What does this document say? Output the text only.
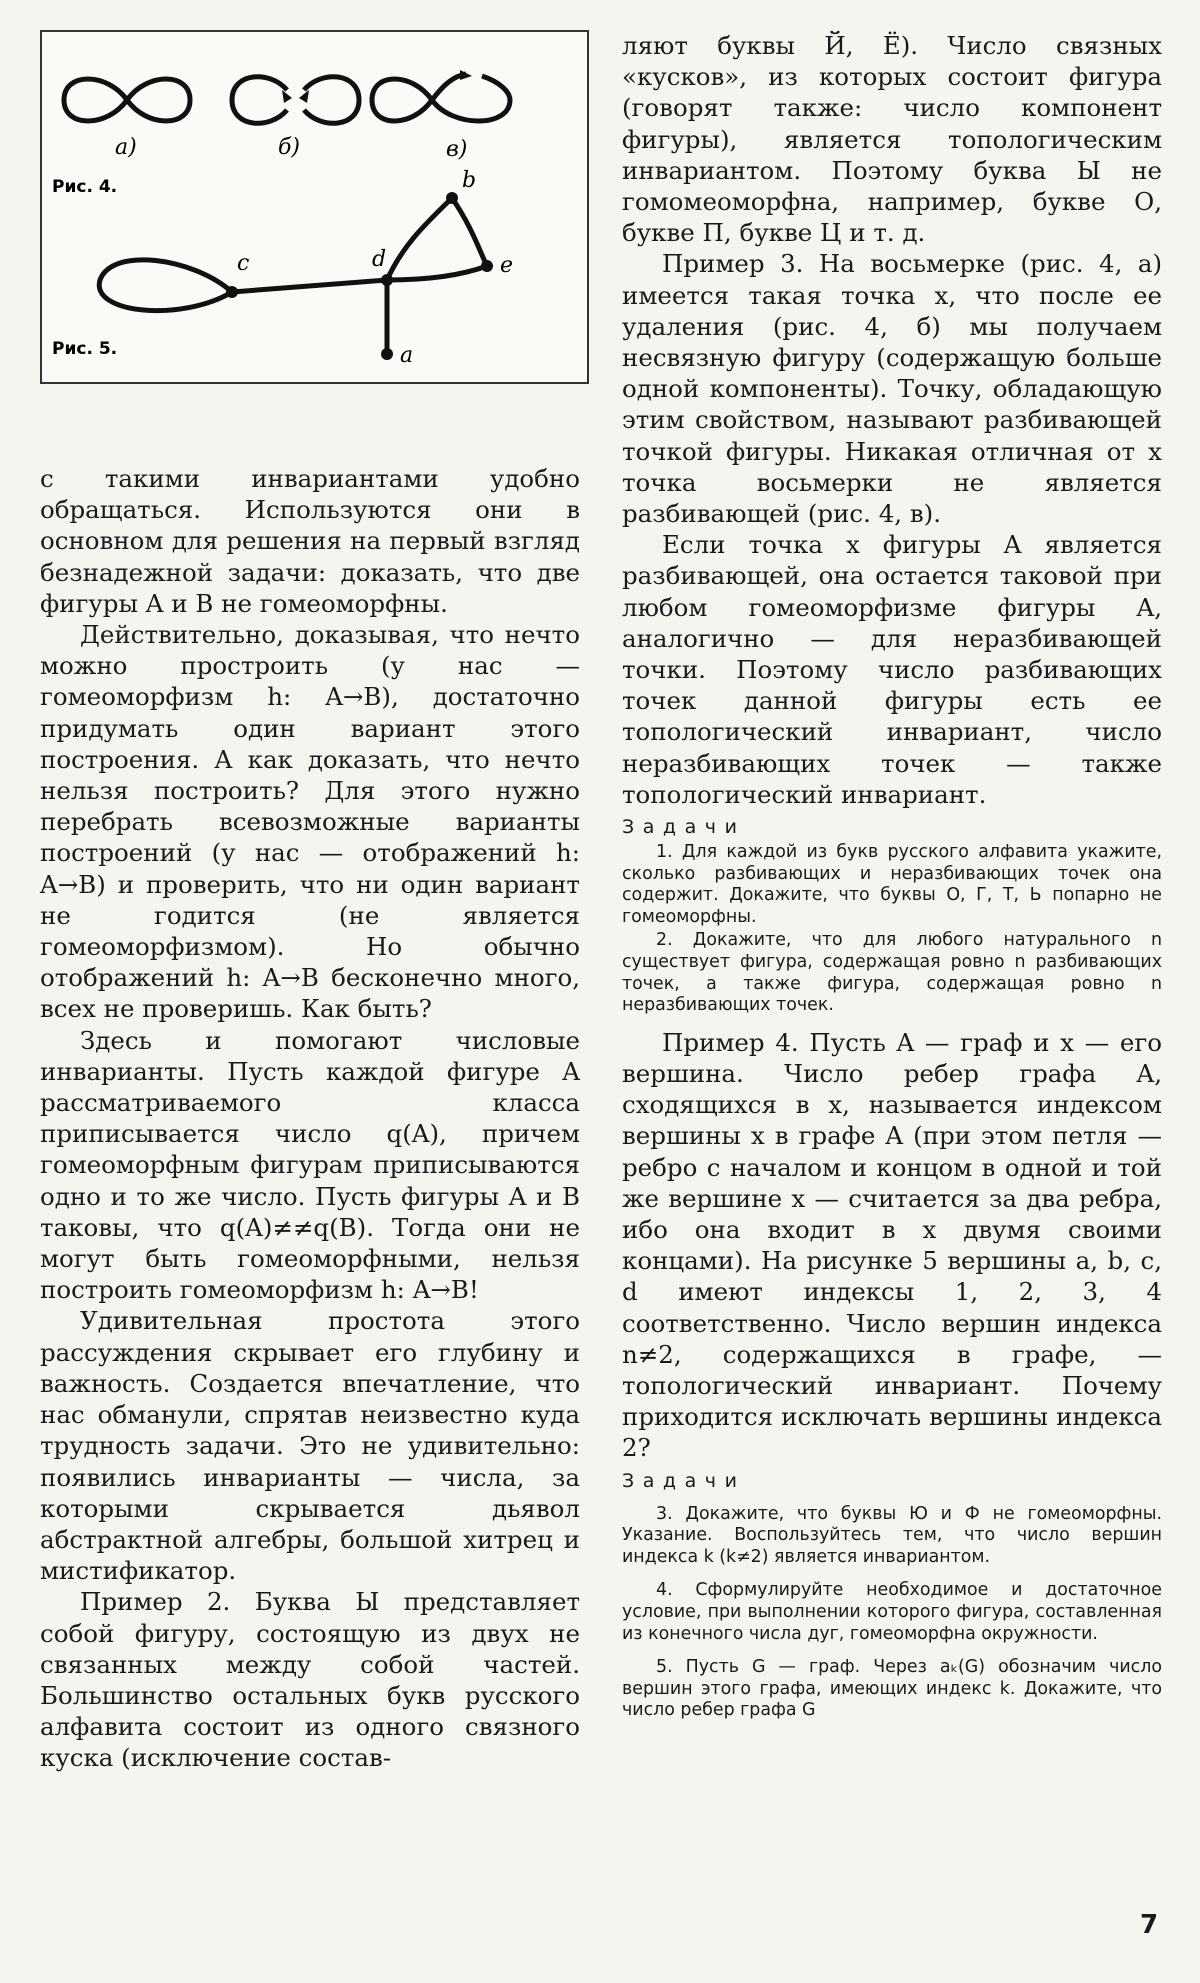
а)	б)	в)
Рис. 4.
a
b
c	d	e
Рис. 5.

с такими инвариантами удобно обращаться. Используются они в основном для решения на первый взгляд безнадежной задачи: доказать, что две фигуры A и B не гомеоморфны.

Действительно, доказывая, что нечто можно простроить (у нас — гомеоморфизм h: A→B), достаточно придумать один вариант этого построения. А как доказать, что нечто нельзя построить? Для этого нужно перебрать всевозможные варианты построений (у нас — отображений h: A→B) и проверить, что ни один вариант не годится (не является гомеоморфизмом). Но обычно отображений h: A→B бесконечно много, всех не проверишь. Как быть?

Здесь и помогают числовые инварианты. Пусть каждой фигуре A рассматриваемого класса приписывается число q(A), причем гомеоморфным фигурам приписываются одно и то же число. Пусть фигуры A и B таковы, что q(A)≠≠q(B). Тогда они не могут быть гомеоморфными, нельзя построить гомеоморфизм h: A→B!

Удивительная простота этого рассуждения скрывает его глубину и важность. Создается впечатление, что нас обманули, спрятав неизвестно куда трудность задачи. Это не удивительно: появились инварианты — числа, за которыми скрывается дьявол абстрактной алгебры, большой хитрец и мистификатор.

Пример 2. Буква Ы представляет собой фигуру, состоящую из двух не связанных между собой частей. Большинство остальных букв русского алфавита состоит из одного связного куска (исключение состав-

ляют буквы Й, Ё). Число связных «кусков», из которых состоит фигура (говорят также: число компонент фигуры), является топологическим инвариантом. Поэтому буква Ы не гомомеоморфна, например, букве О, букве П, букве Ц и т. д.

Пример 3. На восьмерке (рис. 4, а) имеется такая точка x, что после ее удаления (рис. 4, б) мы получаем несвязную фигуру (содержащую больше одной компоненты). Точку, обладающую этим свойством, называют разбивающей точкой фигуры. Никакая отличная от x точка восьмерки не является разбивающей (рис. 4, в).

Если точка x фигуры A является разбивающей, она остается таковой при любом гомеоморфизме фигуры A, аналогично — для неразбивающей точки. Поэтому число разбивающих точек данной фигуры есть ее топологический инвариант, число неразбивающих точек — также топологический инвариант.

Задачи

1. Для каждой из букв русского алфавита укажите, сколько разбивающих и неразбивающих точек она содержит. Докажите, что буквы О, Г, Т, Ь попарно не гомеоморфны.

2. Докажите, что для любого натурального n существует фигура, содержащая ровно n разбивающих точек, а также фигура, содержащая ровно n неразбивающих точек.

Пример 4. Пусть A — граф и x — его вершина. Число ребер графа A, сходящихся в x, называется индексом вершины x в графе A (при этом петля — ребро с началом и концом в одной и той же вершине x — считается за два ребра, ибо она входит в x двумя своими концами). На рисунке 5 вершины a, b, c, d имеют индексы 1, 2, 3, 4 соответственно. Число вершин индекса n≠2, содержащихся в графе, — топологический инвариант. Почему приходится исключать вершины индекса 2?

Задачи

3. Докажите, что буквы Ю и Ф не гомеоморфны. Указание. Воспользуйтесь тем, что число вершин индекса k (k≠2) является инвариантом.

4. Сформулируйте необходимое и достаточное условие, при выполнении которого фигура, составленная из конечного числа дуг, гомеоморфна окружности.

5. Пусть G — граф. Через aₖ(G) обозначим число вершин этого графа, имеющих индекс k. Докажите, что число ребер графа G

7
